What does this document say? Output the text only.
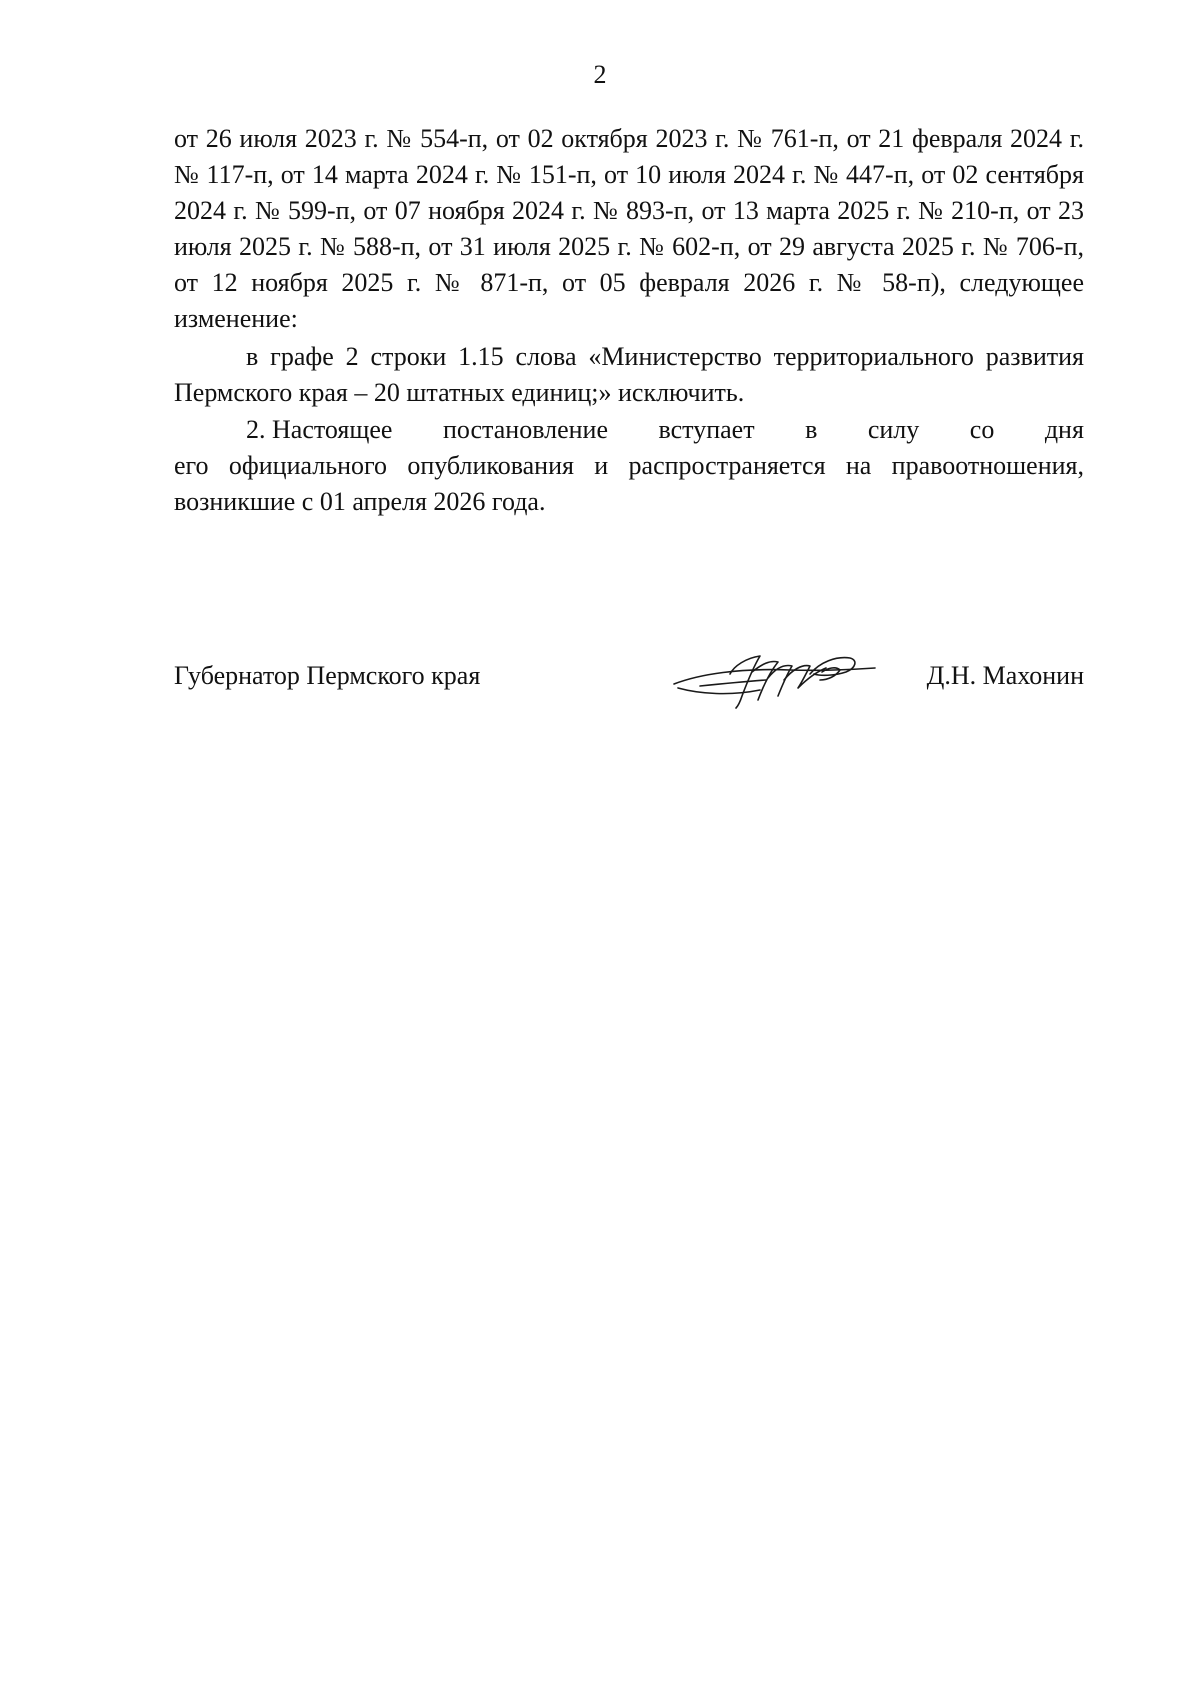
2

от 26 июля 2023 г. № 554-п, от 02 октября 2023 г. № 761-п, от 21 февраля 2024 г. № 117-п, от 14 марта 2024 г. № 151-п, от 10 июля 2024 г. № 447-п, от 02 сентября 2024 г. № 599-п, от 07 ноября 2024 г. № 893-п, от 13 марта 2025 г. № 210-п, от 23 июля 2025 г. № 588-п, от 31 июля 2025 г. № 602-п, от 29 августа 2025 г. № 706-п, от 12 ноября 2025 г. № 871-п, от 05 февраля 2026 г. № 58-п), следующее изменение:

в графе 2 строки 1.15 слова «Министерство территориального развития Пермского края – 20 штатных единиц;» исключить.

2. Настоящее постановление вступает в силу со дня

его официального опубликования и распространяется на правоотношения, возникшие с 01 апреля 2026 года.

Губернатор Пермского края	Д.Н. Махонин
